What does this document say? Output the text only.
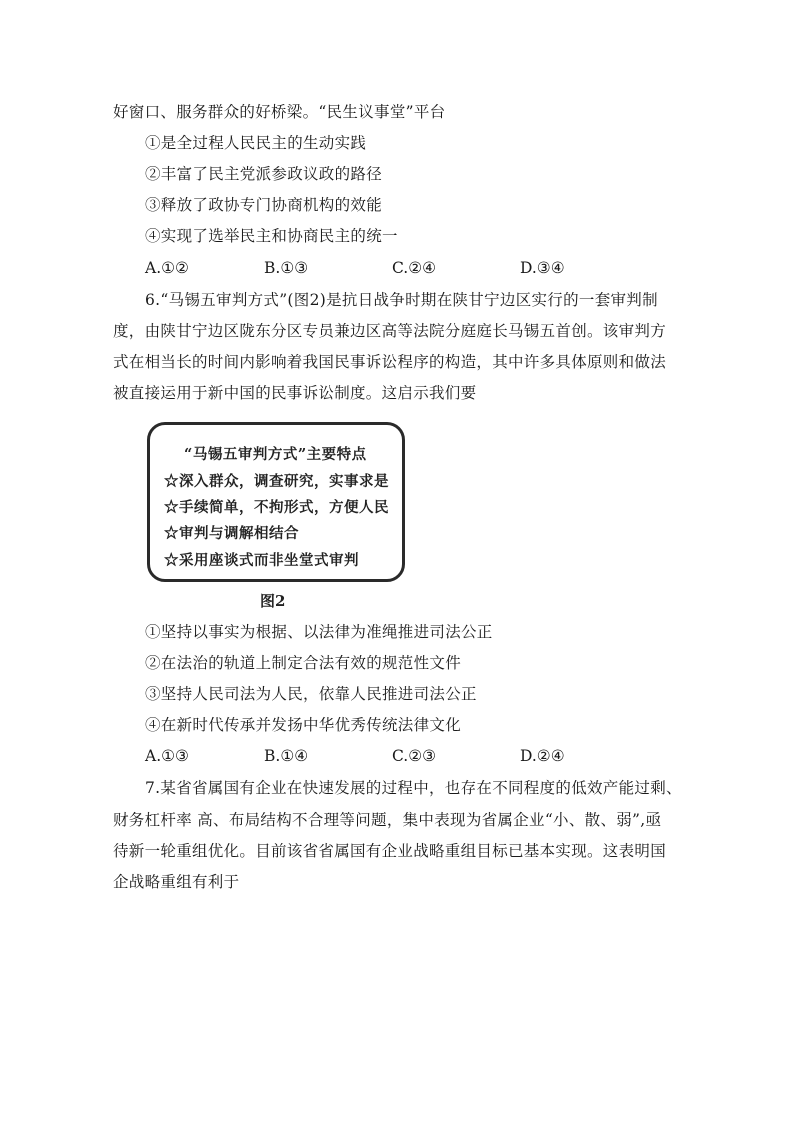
好窗口、服务群众的好桥梁。“民生议事堂”平台
①是全过程人民民主的生动实践
②丰富了民主党派参政议政的路径
③释放了政协专门协商机构的效能
④实现了选举民主和协商民主的统一
A.①②	B.①③	C.②④	D.③④
6.“马锡五审判方式”(图2)是抗日战争时期在陕甘宁边区实行的一套审判制
度，由陕甘宁边区陇东分区专员兼边区高等法院分庭庭长马锡五首创。该审判方
式在相当长的时间内影响着我国民事诉讼程序的构造，其中许多具体原则和做法
被直接运用于新中国的民事诉讼制度。这启示我们要
“马锡五审判方式”主要特点
☆深入群众，调查研究，实事求是
☆手续简单，不拘形式，方便人民
☆审判与调解相结合
☆采用座谈式而非坐堂式审判
图2
①坚持以事实为根据、以法律为准绳推进司法公正
②在法治的轨道上制定合法有效的规范性文件
③坚持人民司法为人民，依靠人民推进司法公正
④在新时代传承并发扬中华优秀传统法律文化
A.①③	B.①④	C.②③	D.②④
7.某省省属国有企业在快速发展的过程中，也存在不同程度的低效产能过剩、
财务杠杆率 高、布局结构不合理等问题，集中表现为省属企业“小、散、弱”,亟
待新一轮重组优化。目前该省省属国有企业战略重组目标已基本实现。这表明国
企战略重组有利于
